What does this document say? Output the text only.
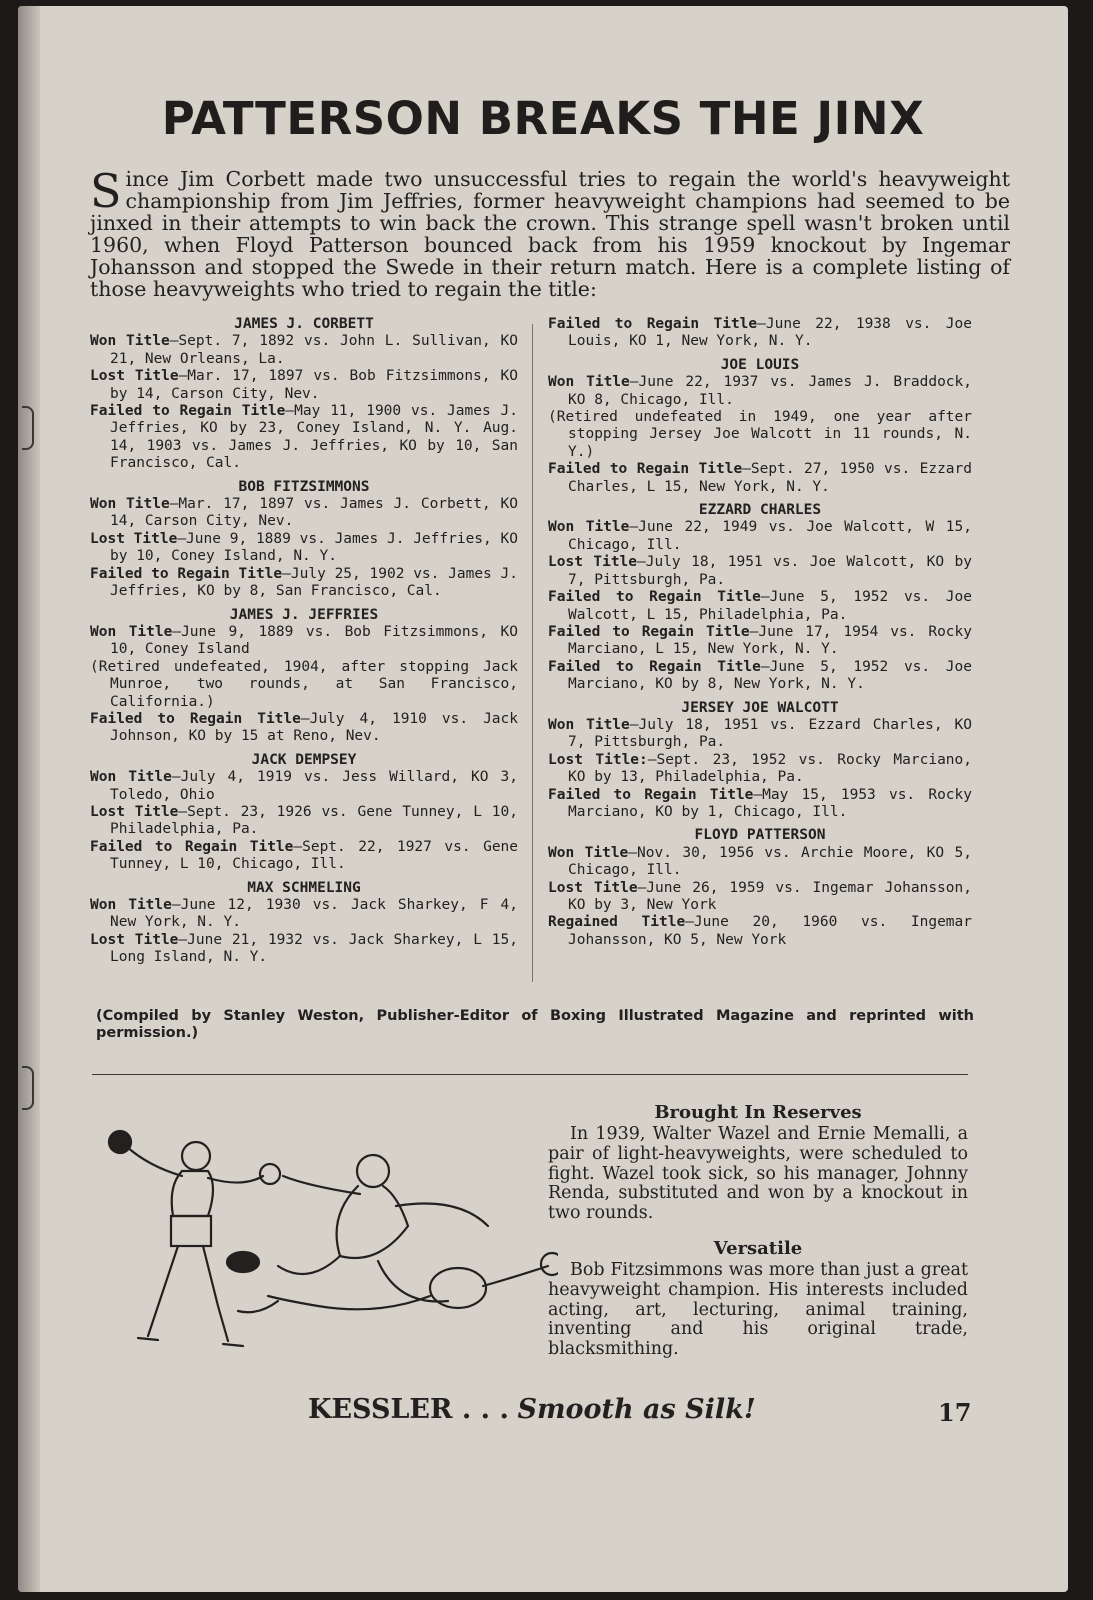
PATTERSON BREAKS THE JINX

Since Jim Corbett made two unsuccessful tries to regain the world's heavyweight championship from Jim Jeffries, former heavyweight champions had seemed to be jinxed in their attempts to win back the crown. This strange spell wasn't broken until 1960, when Floyd Patterson bounced back from his 1959 knockout by Ingemar Johansson and stopped the Swede in their return match. Here is a complete listing of those heavyweights who tried to regain the title:

JAMES J. CORBETT
Won Title—Sept. 7, 1892 vs. John L. Sullivan, KO 21, New Orleans, La.
Lost Title—Mar. 17, 1897 vs. Bob Fitzsimmons, KO by 14, Carson City, Nev.
Failed to Regain Title—May 11, 1900 vs. James J. Jeffries, KO by 23, Coney Island, N. Y. Aug. 14, 1903 vs. James J. Jeffries, KO by 10, San Francisco, Cal.
BOB FITZSIMMONS
Won Title—Mar. 17, 1897 vs. James J. Corbett, KO 14, Carson City, Nev.
Lost Title—June 9, 1889 vs. James J. Jeffries, KO by 10, Coney Island, N. Y.
Failed to Regain Title—July 25, 1902 vs. James J. Jeffries, KO by 8, San Francisco, Cal.
JAMES J. JEFFRIES
Won Title—June 9, 1889 vs. Bob Fitzsimmons, KO 10, Coney Island
(Retired undefeated, 1904, after stopping Jack Munroe, two rounds, at San Francisco, California.)
Failed to Regain Title—July 4, 1910 vs. Jack Johnson, KO by 15 at Reno, Nev.
JACK DEMPSEY
Won Title—July 4, 1919 vs. Jess Willard, KO 3, Toledo, Ohio
Lost Title—Sept. 23, 1926 vs. Gene Tunney, L 10, Philadelphia, Pa.
Failed to Regain Title—Sept. 22, 1927 vs. Gene Tunney, L 10, Chicago, Ill.
MAX SCHMELING
Won Title—June 12, 1930 vs. Jack Sharkey, F 4, New York, N. Y.
Lost Title—June 21, 1932 vs. Jack Sharkey, L 15, Long Island, N. Y.
Failed to Regain Title—June 22, 1938 vs. Joe Louis, KO 1, New York, N. Y.
JOE LOUIS
Won Title—June 22, 1937 vs. James J. Braddock, KO 8, Chicago, Ill.
(Retired undefeated in 1949, one year after stopping Jersey Joe Walcott in 11 rounds, N. Y.)
Failed to Regain Title—Sept. 27, 1950 vs. Ezzard Charles, L 15, New York, N. Y.
EZZARD CHARLES
Won Title—June 22, 1949 vs. Joe Walcott, W 15, Chicago, Ill.
Lost Title—July 18, 1951 vs. Joe Walcott, KO by 7, Pittsburgh, Pa.
Failed to Regain Title—June 5, 1952 vs. Joe Walcott, L 15, Philadelphia, Pa.
Failed to Regain Title—June 17, 1954 vs. Rocky Marciano, L 15, New York, N. Y.
Failed to Regain Title—June 5, 1952 vs. Joe Marciano, KO by 8, New York, N. Y.
JERSEY JOE WALCOTT
Won Title—July 18, 1951 vs. Ezzard Charles, KO 7, Pittsburgh, Pa.
Lost Title:—Sept. 23, 1952 vs. Rocky Marciano, KO by 13, Philadelphia, Pa.
Failed to Regain Title—May 15, 1953 vs. Rocky Marciano, KO by 1, Chicago, Ill.
FLOYD PATTERSON
Won Title—Nov. 30, 1956 vs. Archie Moore, KO 5, Chicago, Ill.
Lost Title—June 26, 1959 vs. Ingemar Johansson, KO by 3, New York
Regained Title—June 20, 1960 vs. Ingemar Johansson, KO 5, New York
(Compiled by Stanley Weston, Publisher-Editor of Boxing Illustrated Magazine and reprinted with permission.)
Brought In Reserves

In 1939, Walter Wazel and Ernie Memalli, a pair of light-heavyweights, were scheduled to fight. Wazel took sick, so his manager, Johnny Renda, substituted and won by a knockout in two rounds.

Versatile

Bob Fitzsimmons was more than just a great heavyweight champion. His interests included acting, art, lecturing, animal training, inventing and his original trade, blacksmithing.

KESSLER . . . Smooth as Silk!	17
